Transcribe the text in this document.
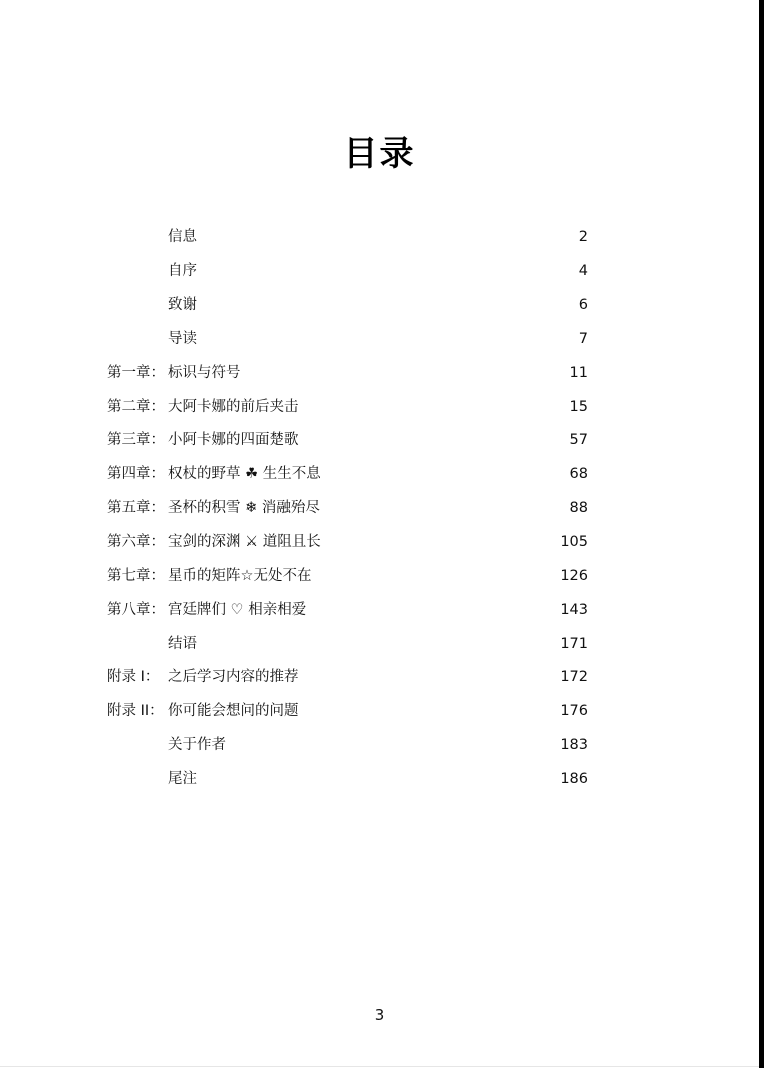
目录
信息	2
自序	4
致谢	6
导读	7
第一章： 标识与符号	11
第二章： 大阿卡娜的前后夹击	15
第三章： 小阿卡娜的四面楚歌	57
第四章： 权杖的野草 ☘ 生生不息	68
第五章： 圣杯的积雪 ❄ 消融殆尽	88
第六章： 宝剑的深渊 ⚔ 道阻且长	105
第七章： 星币的矩阵☆无处不在	126
第八章： 宫廷牌们 ♡ 相亲相爱	143
结语	171
附录 I： 之后学习内容的推荐	172
附录 II： 你可能会想问的问题	176
关于作者	183
尾注	186
3
